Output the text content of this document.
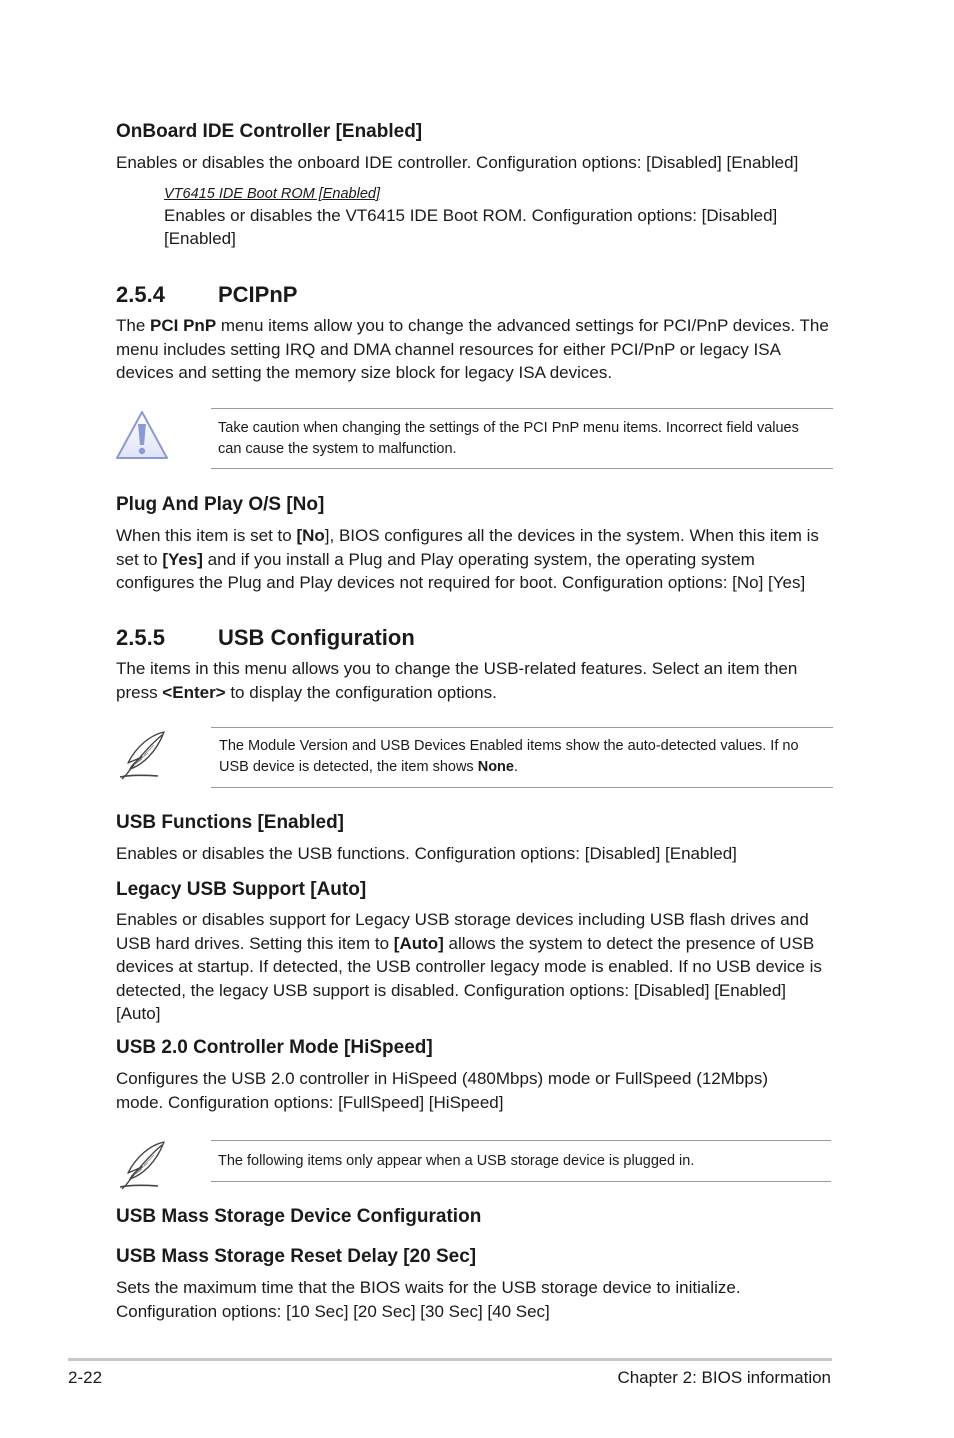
OnBoard IDE Controller [Enabled]
Enables or disables the onboard IDE controller. Configuration options: [Disabled] [Enabled]
VT6415 IDE Boot ROM [Enabled]
Enables or disables the VT6415 IDE Boot ROM. Configuration options: [Disabled]
[Enabled]
2.5.4 PCIPnP
The PCI PnP menu items allow you to change the advanced settings for PCI/PnP devices. The menu includes setting IRQ and DMA channel resources for either PCI/PnP or legacy ISA devices and setting the memory size block for legacy ISA devices.
Take caution when changing the settings of the PCI PnP menu items. Incorrect field values
can cause the system to malfunction.
Plug And Play O/S [No]
When this item is set to [No], BIOS configures all the devices in the system. When this item is set to [Yes] and if you install a Plug and Play operating system, the operating system configures the Plug and Play devices not required for boot. Configuration options: [No] [Yes]
2.5.5 USB Configuration
The items in this menu allows you to change the USB-related features. Select an item then press <Enter> to display the configuration options.
The Module Version and USB Devices Enabled items show the auto-detected values. If no
USB device is detected, the item shows None.
USB Functions [Enabled]
Enables or disables the USB functions. Configuration options: [Disabled] [Enabled]
Legacy USB Support [Auto]
Enables or disables support for Legacy USB storage devices including USB flash drives and USB hard drives. Setting this item to [Auto] allows the system to detect the presence of USB devices at startup. If detected, the USB controller legacy mode is enabled. If no USB device is detected, the legacy USB support is disabled. Configuration options: [Disabled] [Enabled] [Auto]
USB 2.0 Controller Mode [HiSpeed]
Configures the USB 2.0 controller in HiSpeed (480Mbps) mode or FullSpeed (12Mbps) mode. Configuration options: [FullSpeed] [HiSpeed]
The following items only appear when a USB storage device is plugged in.
USB Mass Storage Device Configuration
USB Mass Storage Reset Delay [20 Sec]
Sets the maximum time that the BIOS waits for the USB storage device to initialize. Configuration options: [10 Sec] [20 Sec] [30 Sec] [40 Sec]
2-22	Chapter 2: BIOS information
